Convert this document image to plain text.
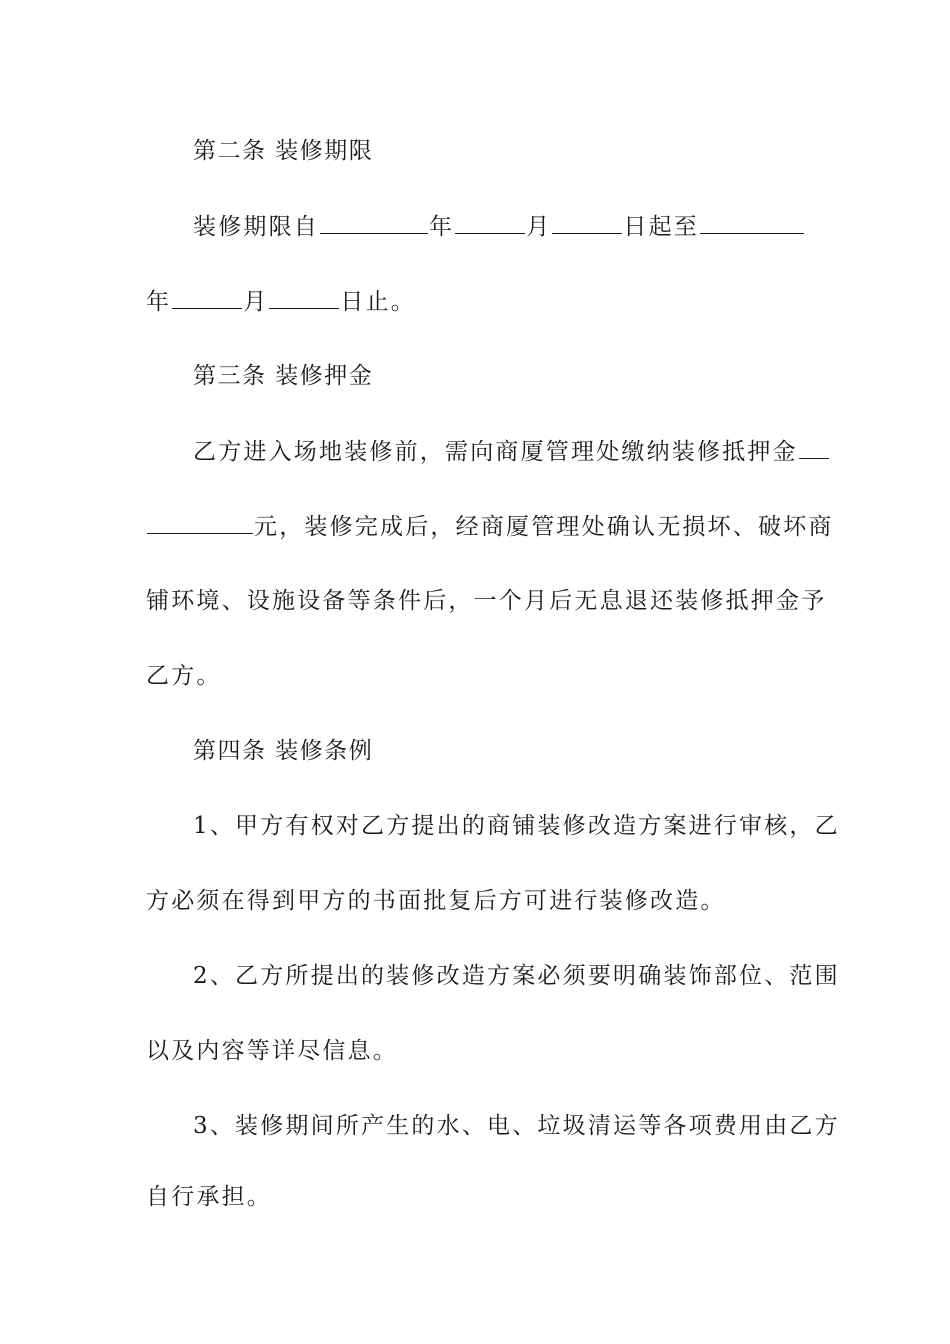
第二条 装修期限
装修期限自	年	月	日起至
年	月	日止。
第三条 装修押金
乙方进入场地装修前，需向商厦管理处缴纳装修抵押金
元，装修完成后，经商厦管理处确认无损坏、破坏商
铺环境、设施设备等条件后，一个月后无息退还装修抵押金予
乙方。
第四条 装修条例
1、甲方有权对乙方提出的商铺装修改造方案进行审核，乙
方必须在得到甲方的书面批复后方可进行装修改造。
2、乙方所提出的装修改造方案必须要明确装饰部位、范围
以及内容等详尽信息。
3、装修期间所产生的水、电、垃圾清运等各项费用由乙方
自行承担。
